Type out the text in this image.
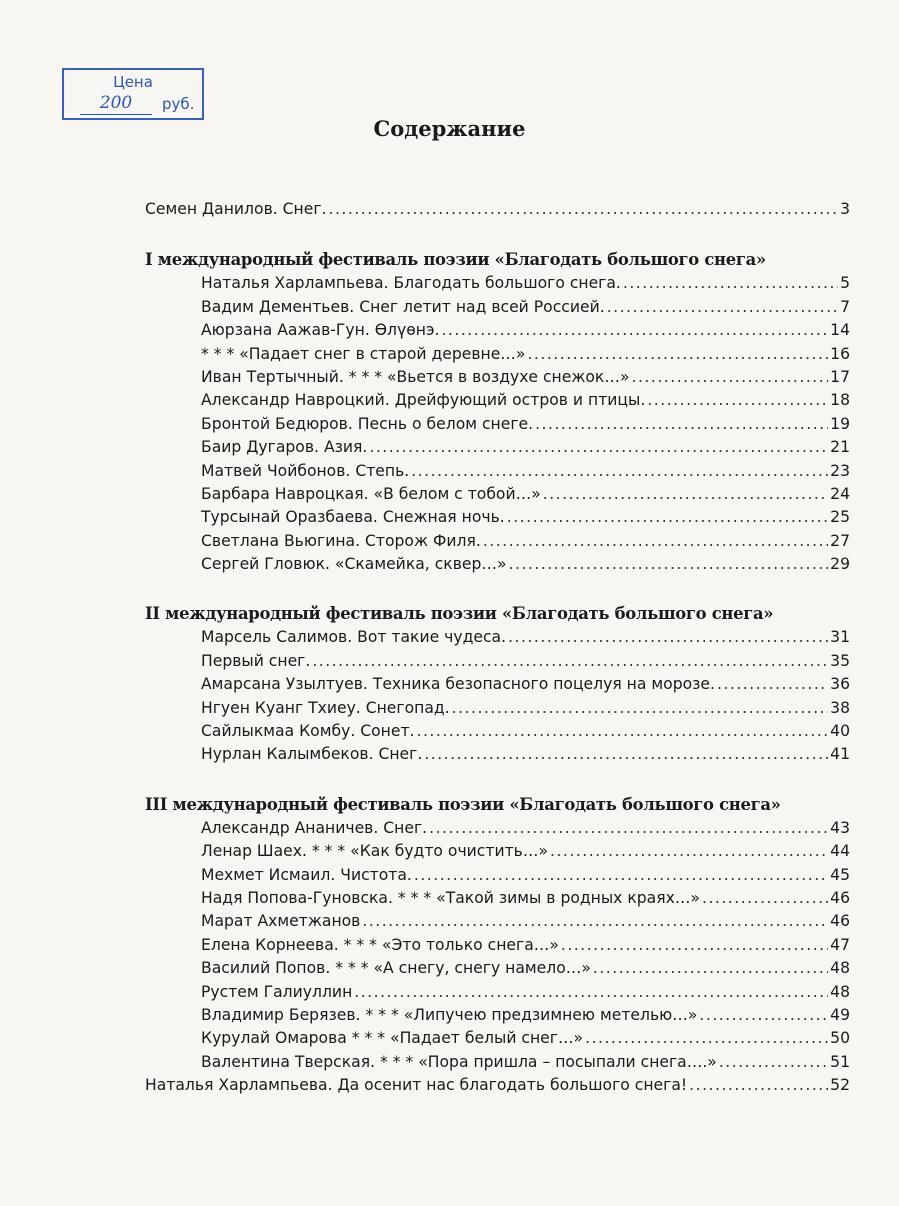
Цена
200	руб.
Содержание
Семен Данилов. Снег. .....	3
I международный фестиваль поэзии «Благодать большого снега»
Наталья Харлампьева. Благодать большого снега. .....	5
Вадим Дементьев. Снег летит над всей Россией. .....	7
Аюрзана Аажав-Гун. Өлүөнэ. .....	14
* * * «Падает снег в старой деревне…» .....	16
Иван Тертычный. * * * «Вьется в воздухе снежок…» .....	17
Александр Навроцкий. Дрейфующий остров и птицы. .....	18
Бронтой Бедюров. Песнь о белом снеге. .....	19
Баир Дугаров. Азия. .....	21
Матвей Чойбонов. Степь. .....	23
Барбара Навроцкая. «В белом с тобой…» .....	24
Турсынай Оразбаева. Снежная ночь. .....	25
Светлана Вьюгина. Сторож Филя. .....	27
Сергей Гловюк. «Скамейка, сквер…» .....	29
II международный фестиваль поэзии «Благодать большого снега»
Марсель Салимов. Вот такие чудеса. .....	31
Первый снег. .....	35
Амарсана Узылтуев. Техника безопасного поцелуя на морозе. .....	36
Нгуен Куанг Тхиеу. Снегопад. .....	38
Сайлыкмаа Комбу. Сонет. .....	40
Нурлан Калымбеков. Снег. .....	41
III международный фестиваль поэзии «Благодать большого снега»
Александр Ананичев. Снег. .....	43
Ленар Шаех. * * * «Как будто очистить…» .....	44
Мехмет Исмаил. Чистота. .....	45
Надя Попова-Гуновска. * * * «Такой зимы в родных краях…» .....	46
Марат Ахметжанов .....	46
Елена Корнеева. * * * «Это только снега…» .....	47
Василий Попов. * * * «А снегу, снегу намело…» .....	48
Рустем Галиуллин .....	48
Владимир Берязев. * * * «Липучею предзимнею метелью…» .....	49
Курулай Омарова * * * «Падает белый снег…» .....	50
Валентина Тверская. * * * «Пора пришла – посыпали снега….» .....	51
Наталья Харлампьева. Да осенит нас благодать большого снега! .....	52
